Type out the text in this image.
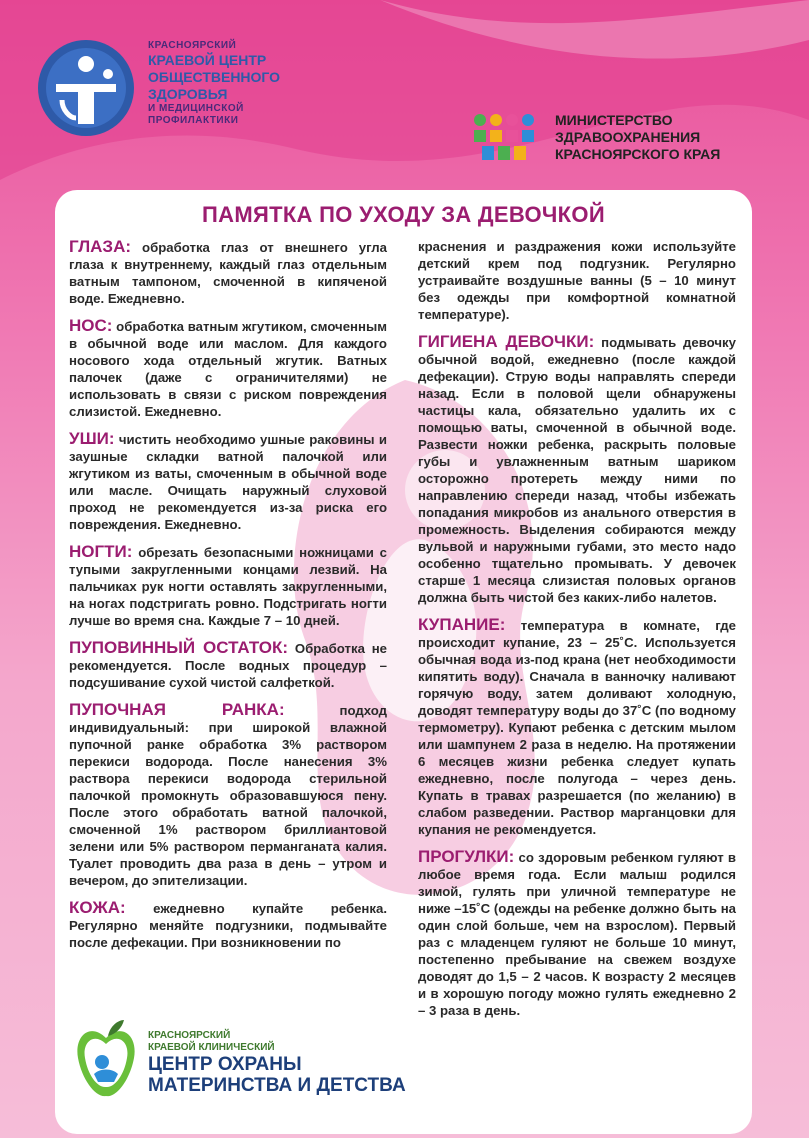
КРАСНОЯРСКИЙ
КРАЕВОЙ ЦЕНТР
ОБЩЕСТВЕННОГО
ЗДОРОВЬЯ
И МЕДИЦИНСКОЙ
ПРОФИЛАКТИКИ	МИНИСТЕРСТВО
ЗДРАВООХРАНЕНИЯ
КРАСНОЯРСКОГО КРАЯ
ПАМЯТКА ПО УХОДУ ЗА ДЕВОЧКОЙ
ГЛАЗА: обработка глаз от внешнего угла глаза к внутреннему, каждый глаз отдельным ватным тампоном, смоченной в кипяченой воде. Ежедневно.
НОС: обработка ватным жгутиком, смоченным в обычной воде или маслом. Для каждого носового хода отдельный жгутик. Ватных палочек (даже с ограничителями) не использовать в связи с риском повреждения слизистой. Ежедневно.
УШИ: чистить необходимо ушные раковины и заушные складки ватной палочкой или жгутиком из ваты, смоченным в обычной воде или масле. Очищать наружный слуховой проход не рекомендуется из-за риска его повреждения. Ежедневно.
НОГТИ: обрезать безопасными ножницами с тупыми закругленными концами лезвий. На пальчиках рук ногти оставлять закругленными, на ногах подстригать ровно. Подстригать ногти лучше во время сна. Каждые 7 – 10 дней.
ПУПОВИННЫЙ ОСТАТОК: Обработка не рекомендуется. После водных процедур – подсушивание сухой чистой салфеткой.
ПУПОЧНАЯ РАНКА: подход индивидуальный: при широкой влажной пупочной ранке обработка 3% раствором перекиси водорода. После нанесения 3% раствора перекиси водорода стерильной палочкой промокнуть образовавшуюся пену. После этого обработать ватной палочкой, смоченной 1% раствором бриллиантовой зелени или 5% раствором перманганата калия. Туалет проводить два раза в день – утром и вечером, до эпителизации.
КОЖА: ежедневно купайте ребенка. Регулярно меняйте подгузники, подмывайте после дефекации. При возникновении по
краснения и раздражения кожи используйте детский крем под подгузник. Регулярно устраивайте воздушные ванны (5 – 10 минут без одежды при комфортной комнатной температуре).
ГИГИЕНА ДЕВОЧКИ: подмывать девочку обычной водой, ежедневно (после каждой дефекации). Струю воды направлять спереди назад. Если в половой щели обнаружены частицы кала, обязательно удалить их с помощью ваты, смоченной в обычной воде. Развести ножки ребенка, раскрыть половые губы и увлажненным ватным шариком осторожно протереть между ними по направлению спереди назад, чтобы избежать попадания микробов из анального отверстия в промежность. Выделения собираются между вульвой и наружными губами, это место надо особенно тщательно промывать. У девочек старше 1 месяца слизистая половых органов должна быть чистой без каких-либо налетов.
КУПАНИЕ: температура в комнате, где происходит купание, 23 – 25˚C. Используется обычная вода из-под крана (нет необходимости кипятить воду). Сначала в ванночку наливают горячую воду, затем доливают холодную, доводят температуру воды до 37˚C (по водному термометру). Купают ребенка с детским мылом или шампунем 2 раза в неделю. На протяжении 6 месяцев жизни ребенка следует купать ежедневно, после полугода – через день. Купать в травах разрешается (по желанию) в слабом разведении. Раствор марганцовки для купания не рекомендуется.
ПРОГУЛКИ: со здоровым ребенком гуляют в любое время года. Если малыш родился зимой, гулять при уличной температуре не ниже –15˚C (одежды на ребенке должно быть на один слой больше, чем на взрослом). Первый раз с младенцем гуляют не больше 10 минут, постепенно пребывание на свежем воздухе доводят до 1,5 – 2 часов. К возрасту 2 месяцев и в хорошую погоду можно гулять ежедневно 2 – 3 раза в день.
КРАСНОЯРСКИЙ
КРАЕВОЙ КЛИНИЧЕСКИЙ
ЦЕНТР ОХРАНЫ
МАТЕРИНСТВА И ДЕТСТВА
